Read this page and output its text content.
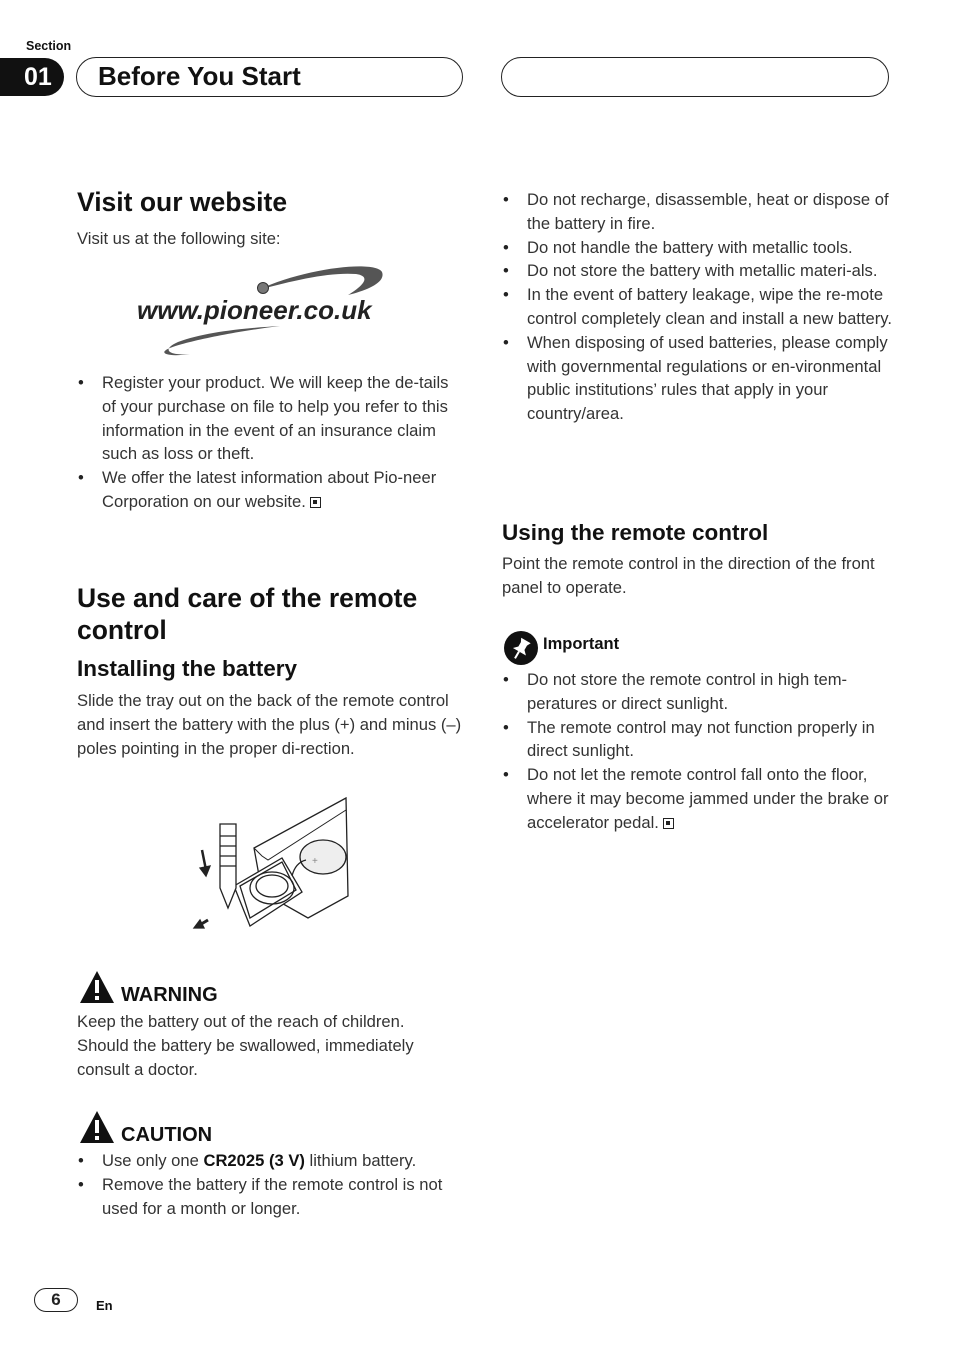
Section
01	Before You Start
Visit our website

Visit us at the following site:

www.pioneer.co.uk
• Register your product. We will keep the de-tails of your purchase on file to help you refer to this information in the event of an insurance claim such as loss or theft.
• We offer the latest information about Pio-neer Corporation on our website.
Use and care of the remote control
Installing the battery

Slide the tray out on the back of the remote control and insert the battery with the plus (+) and minus (–) poles pointing in the proper di-rection.

+
WARNING

Keep the battery out of the reach of children. Should the battery be swallowed, immediately consult a doctor.

CAUTION
• Use only one CR2025 (3 V) lithium battery.
• Remove the battery if the remote control is not used for a month or longer.
• Do not recharge, disassemble, heat or dispose of the battery in fire.
• Do not handle the battery with metallic tools.
• Do not store the battery with metallic materi-als.
• In the event of battery leakage, wipe the re-mote control completely clean and install a new battery.
• When disposing of used batteries, please comply with governmental regulations or en-vironmental public institutions’ rules that apply in your country/area.
Using the remote control

Point the remote control in the direction of the front panel to operate.

Important
• Do not store the remote control in high tem-peratures or direct sunlight.
• The remote control may not function properly in direct sunlight.
• Do not let the remote control fall onto the floor, where it may become jammed under the brake or accelerator pedal.
6	En
